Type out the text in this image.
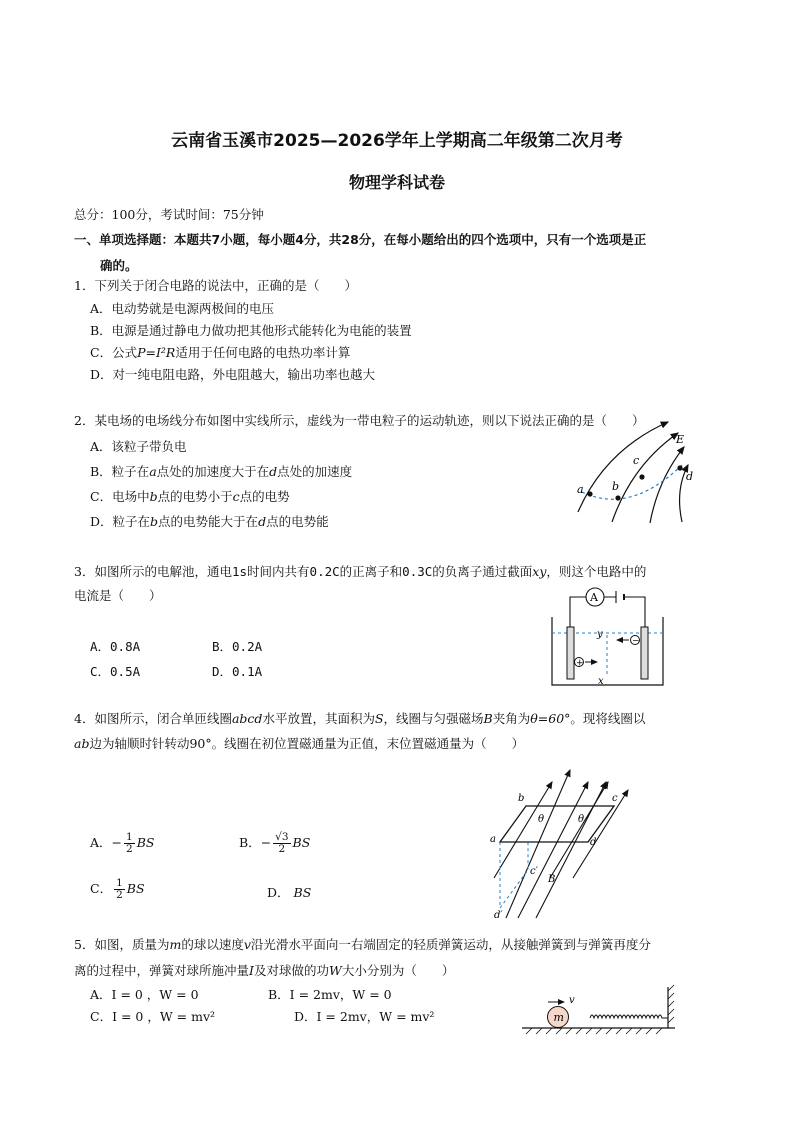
云南省玉溪市2025—2026学年上学期高二年级第二次月考
物理学科试卷
总分：100分，考试时间：75分钟
一、单项选择题：本题共7小题，每小题4分，共28分，在每小题给出的四个选项中，只有一个选项是正
确的。
1．下列关于闭合电路的说法中，正确的是（　　）
A．电动势就是电源两极间的电压
B．电源是通过静电力做功把其他形式能转化为电能的装置
C．公式P=I²R适用于任何电路的电热功率计算
D．对一纯电阻电路，外电阻越大，输出功率也越大
2．某电场的电场线分布如图中实线所示，虚线为一带电粒子的运动轨迹，则以下说法正确的是（　　）
A．该粒子带负电
B．粒子在a点处的加速度大于在d点处的加速度
C．电场中b点的电势小于c点的电势
D．粒子在b点的电势能大于在d点的电势能
a	b
c
d
E
3．如图所示的电解池，通电1s时间内共有0.2C的正离子和0.3C的负离子通过截面xy，则这个电路中的
电流是（　　）
A．0.8A	B．0.2A
C．0.5A	D．0.1A
A
+
−
y
x
4．如图所示，闭合单匝线圈abcd水平放置，其面积为S，线圈与匀强磁场B夹角为θ=60°。现将线圈以
ab边为轴顺时针转动90°。线圈在初位置磁通量为正值，末位置磁通量为（　　）
A．− $\frac{1}{2}$ BS	B．− $\frac{√3}{2}$ BS
C． $\frac{1}{2}$ BS	D． BS
B
a
b	c
d
c′
d′
θ	θ
5．如图，质量为m的球以速度v沿光滑水平面向一右端固定的轻质弹簧运动，从接触弹簧到与弹簧再度分
离的过程中，弹簧对球所施冲量I及对球做的功W大小分别为（　　）
A．I = 0 ，W = 0	B．I = 2mv，W = 0
C．I = 0 ，W = mv²	D．I = 2mv，W = mv²	m
v
